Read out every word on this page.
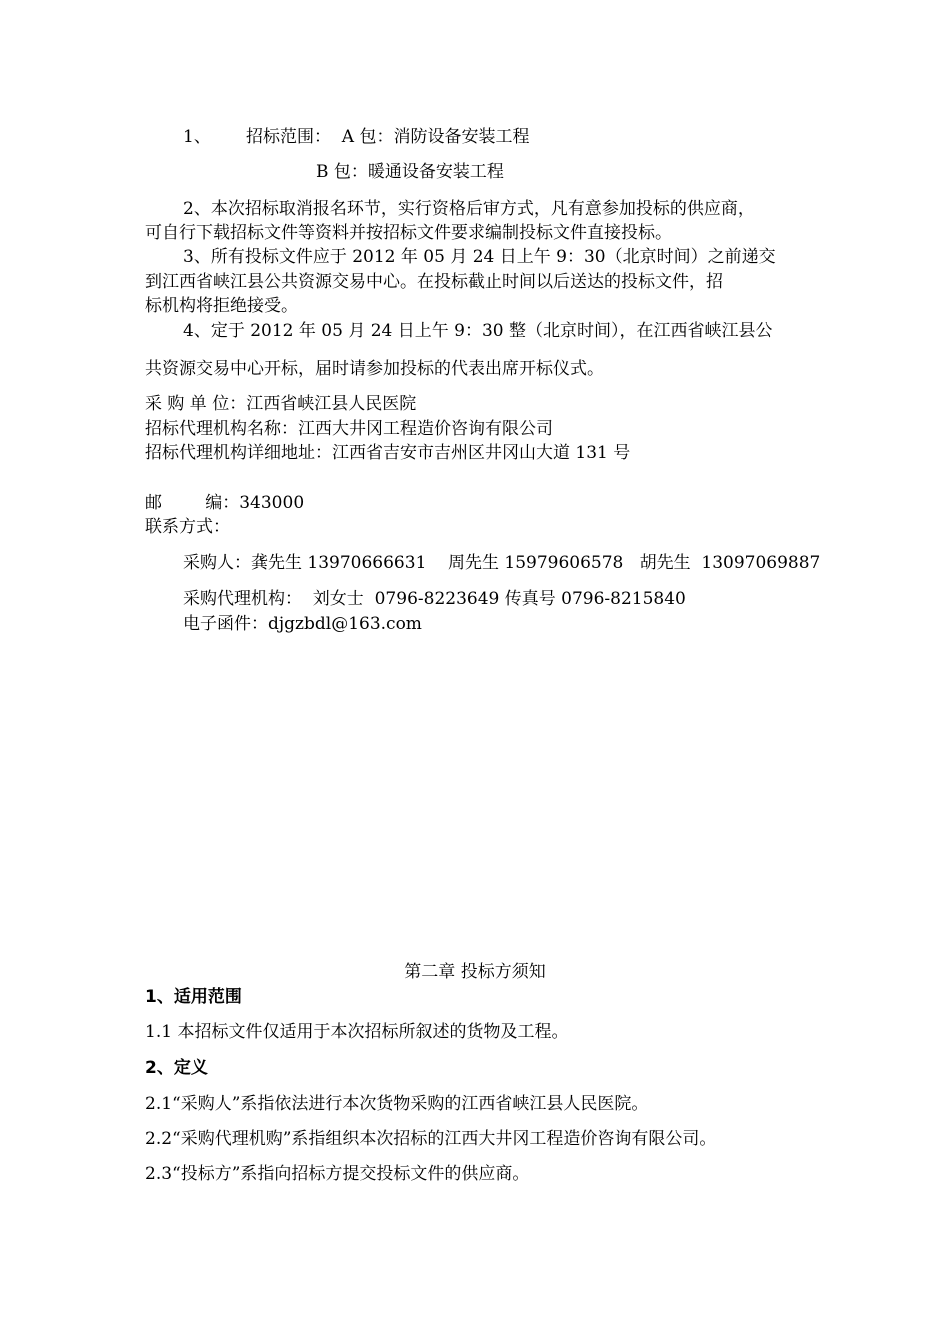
1、 招标范围：  A 包：消防设备安装工程
B 包：暖通设备安装工程
2、本次招标取消报名环节，实行资格后审方式，凡有意参加投标的供应商，
可自行下载招标文件等资料并按招标文件要求编制投标文件直接投标。
3、所有投标文件应于 2012 年 05 月 24 日上午 9：30（北京时间）之前递交
到江西省峡江县公共资源交易中心。在投标截止时间以后送达的投标文件，招
标机构将拒绝接受。
4、定于 2012 年 05 月 24 日上午 9：30 整（北京时间），在江西省峡江县公
共资源交易中心开标，届时请参加投标的代表出席开标仪式。
采 购 单 位：江西省峡江县人民医院
招标代理机构名称：江西大井冈工程造价咨询有限公司
招标代理机构详细地址：江西省吉安市吉州区井冈山大道 131 号
邮        编：343000
联系方式：
采购人：龚先生 13970666631    周先生 15979606578   胡先生  13097069887
采购代理机构：  刘女士  0796-8223649 传真号 0796-8215840
电子函件：djgzbdl@163.com
第二章 投标方须知
1、适用范围
1.1 本招标文件仅适用于本次招标所叙述的货物及工程。
2、定义
2.1“采购人”系指依法进行本次货物采购的江西省峡江县人民医院。
2.2“采购代理机购”系指组织本次招标的江西大井冈工程造价咨询有限公司。
2.3“投标方”系指向招标方提交投标文件的供应商。
